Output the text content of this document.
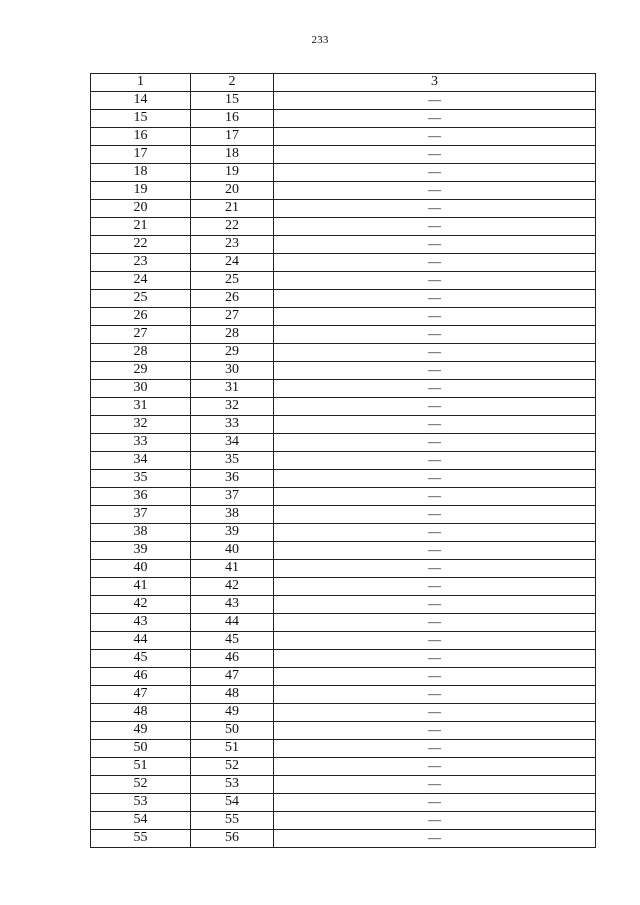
233
1	2	3
14	15	—
15	16	—
16	17	—
17	18	—
18	19	—
19	20	—
20	21	—
21	22	—
22	23	—
23	24	—
24	25	—
25	26	—
26	27	—
27	28	—
28	29	—
29	30	—
30	31	—
31	32	—
32	33	—
33	34	—
34	35	—
35	36	—
36	37	—
37	38	—
38	39	—
39	40	—
40	41	—
41	42	—
42	43	—
43	44	—
44	45	—
45	46	—
46	47	—
47	48	—
48	49	—
49	50	—
50	51	—
51	52	—
52	53	—
53	54	—
54	55	—
55	56	—
